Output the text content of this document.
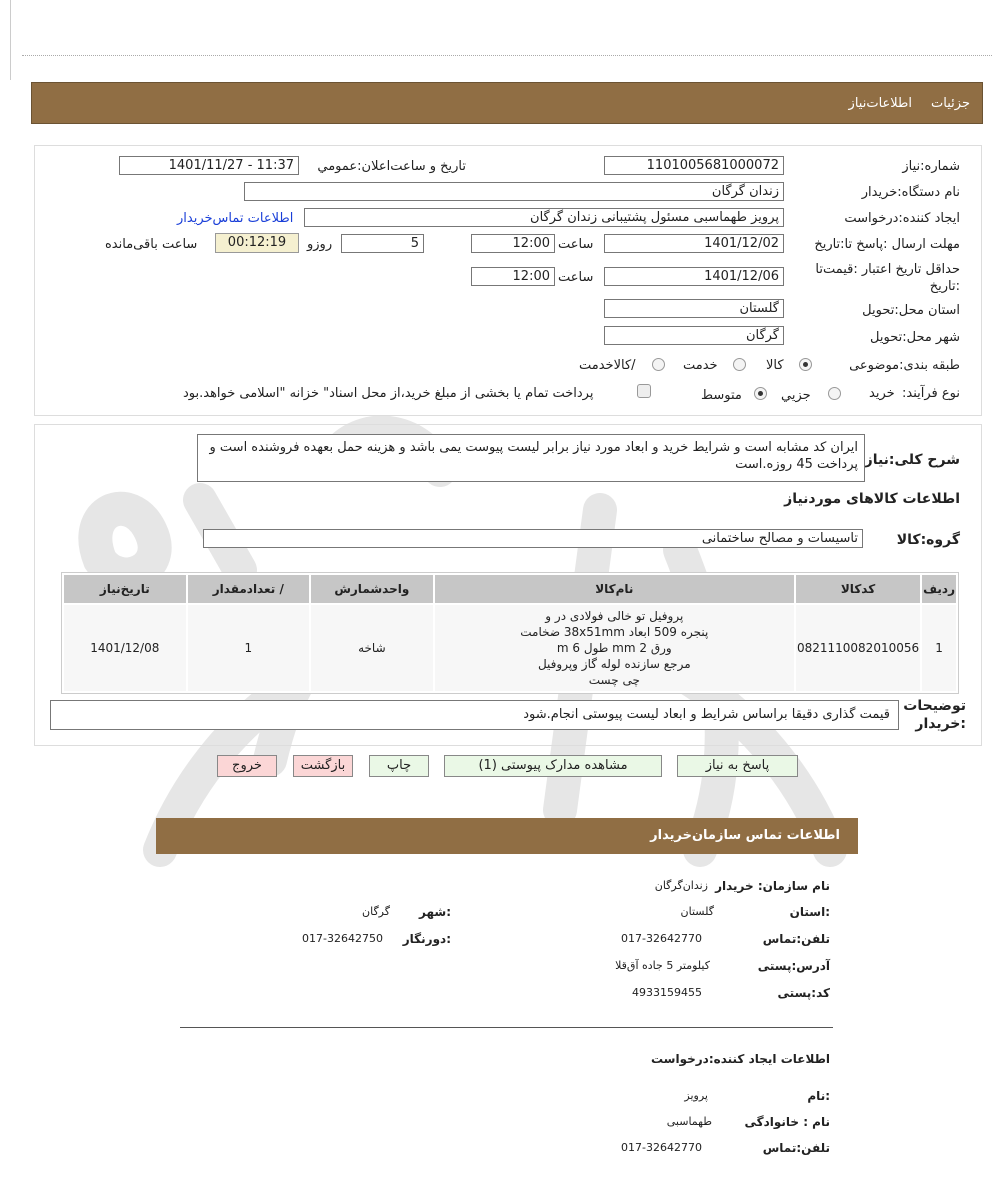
جزئیات
اطلاعات‌نیاز
شماره:نیاز
1101005681000072
تاریخ و ساعت‌اعلان:عمومي
1401/11/27 - 11:37
نام دستگاه:خریدار
زندان گرگان
ایجاد کننده:درخواست
پرویز طهماسبی مسئول پشتیبانی زندان گرگان
اطلاعات تماس‌خریدار
مهلت ارسال :پاسخ تا:تاریخ
1401/12/02
ساعت
12:00
5
روزو
00:12:19
ساعت باقی‌مانده
حداقل تاریخ اعتبار :قیمت‌تا
:تاریخ
1401/12/06
ساعت
12:00
استان محل:تحویل
گلستان
شهر محل:تحویل
گرگان
طبقه بندی:موضوعی
کالا
خدمت
/کالاخدمت
نوع فرآیند:
خرید
جزیي
متوسط
پرداخت تمام یا بخشی از مبلغ خرید،از محل اسناد" خزانه "اسلامی خواهد.بود
شرح کلی:نیاز
ایران کد مشابه است و شرایط خرید و ابعاد مورد نیاز برابر لیست پیوست یمی باشد و هزینه حمل بعهده فروشنده است و پرداخت 45 روزه.است
اطلاعات کالاهای موردنیاز
گروه:کالا
تاسیسات و مصالح ساختمانی
ردیف	کدکالا	نام‌کالا	واحدشمارش	/ تعدادمقدار	تاریخ‌نیاز
1	0821110082010056	پروفیل تو خالی فولادی در و
پنجره 509 ابعاد 38x51mm ضخامت
ورق 2 mm طول 6 m
مرجع سازنده لوله گاز وپروفیل
چی چست	شاخه	1	1401/12/08
توضیحات
:خریدار
قیمت گذاری دقیقا براساس شرایط و ابعاد لیست پیوستی انجام.شود
پاسخ به نیاز
مشاهده مدارک پیوستی (1)
چاپ
بازگشت
خروج
اطلاعات تماس سازمان‌خریدار
نام سازمان: خریدار
زندان‌گرگان
:استان
گلستان
:شهر
گرگان
تلفن:تماس
017-32642770
:دورنگار
017-32642750
آدرس:پستی
کیلومتر 5 جاده آق‌قلا
کد:پستی
4933159455
اطلاعات ایجاد کننده:درخواست
:نام
پرویز
نام : خانوادگی
طهماسبی
تلفن:تماس
017-32642770
